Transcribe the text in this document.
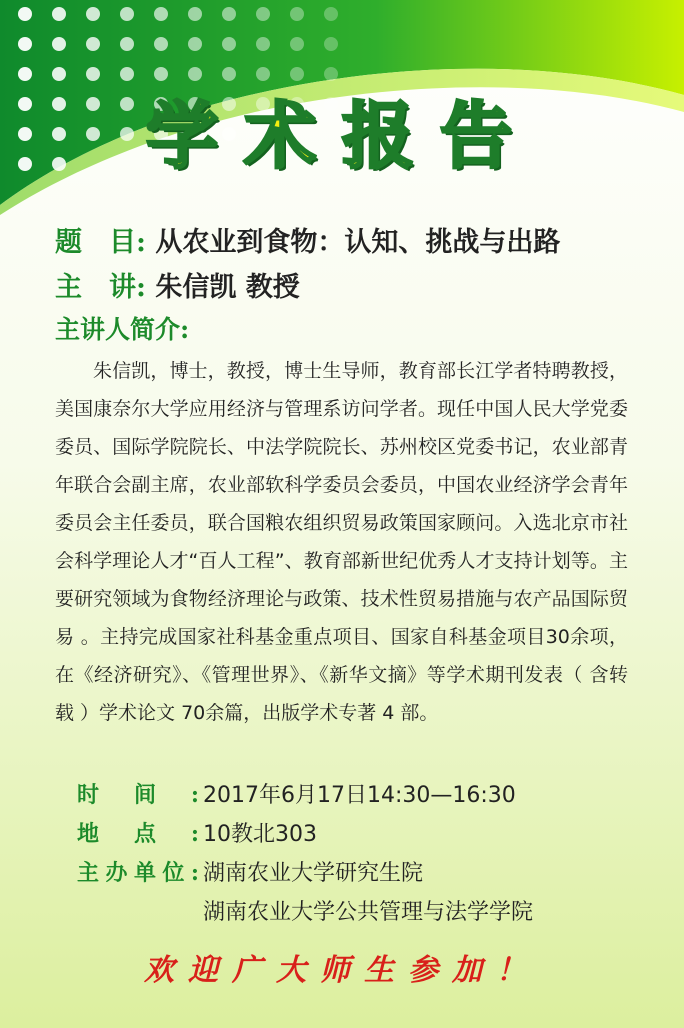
学术报告
题　目: 从农业到食物：认知、挑战与出路
主　讲: 朱信凯 教授
主讲人简介:

朱信凯，博士，教授，博士生导师，教育部长江学者特聘教授，美国康奈尔大学应用经济与管理系访问学者。现任中国人民大学党委委员、国际学院院长、中法学院院长、苏州校区党委书记，农业部青年联合会副主席，农业部软科学委员会委员，中国农业经济学会青年委员会主任委员，联合国粮农组织贸易政策国家顾问。入选北京市社会科学理论人才“百人工程”、教育部新世纪优秀人才支持计划等。主要研究领域为食物经济理论与政策、技术性贸易措施与农产品国际贸易 。主持完成国家社科基金重点项目、国家自科基金项目30余项，在《经济研究》、《管理世界》、《新华文摘》等学术期刊发表（ 含转载 ）学术论文 70余篇，出版学术专著 4 部。

时间: 2017年6月17日14:30—16:30
地点: 10教北303
主办单位: 湖南农业大学研究生院
湖南农业大学公共管理与法学学院
欢迎广大师生参加！
